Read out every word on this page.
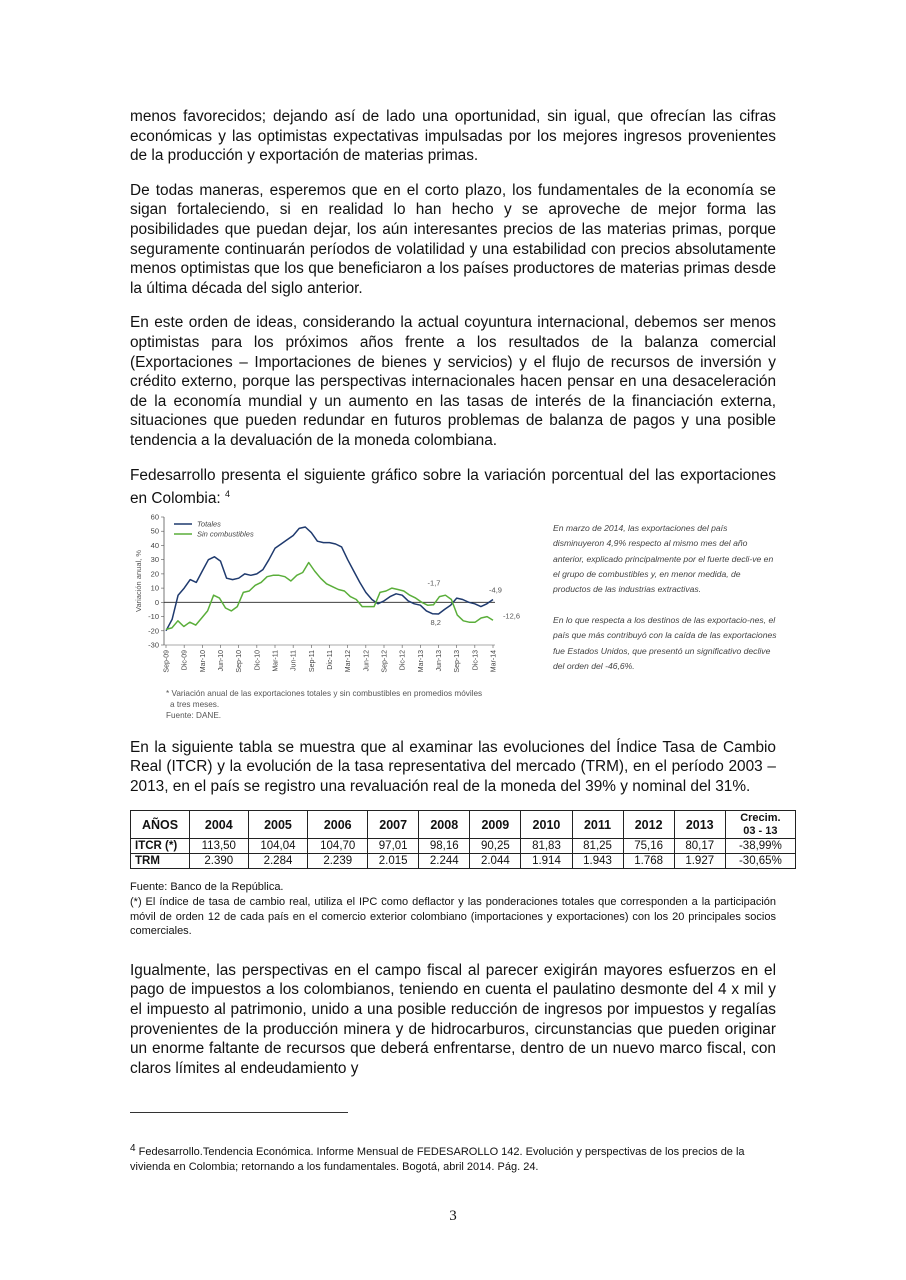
menos favorecidos; dejando así de lado una oportunidad, sin igual, que ofrecían las cifras económicas y las optimistas expectativas impulsadas por los mejores ingresos provenientes de la producción y exportación de materias primas.

De todas maneras, esperemos que en el corto plazo, los fundamentales de la economía se sigan fortaleciendo, si en realidad lo han hecho y se aproveche de mejor forma las posibilidades que puedan dejar, los aún interesantes precios de las materias primas, porque seguramente continuarán períodos de volatilidad y una estabilidad con precios absolutamente menos optimistas que los que beneficiaron a los países productores de materias primas desde la última década del siglo anterior.

En este orden de ideas, considerando la actual coyuntura internacional, debemos ser menos optimistas para los próximos años frente a los resultados de la balanza comercial (Exportaciones – Importaciones de bienes y servicios) y el flujo de recursos de inversión y crédito externo, porque las perspectivas internacionales hacen pensar en una desaceleración de la economía mundial y un aumento en las tasas de interés de la financiación externa, situaciones que pueden redundar en futuros problemas de balanza de pagos y una posible tendencia a la devaluación de la moneda colombiana.

Fedesarrollo presenta el siguiente gráfico sobre la variación porcentual del las exportaciones en Colombia: $^4$

60
50
40
30
20
10
0
-10
-20
-30
Variación anual, %
Sep-09 Dic-09 Mar-10 Jun-10 Sep-10 Dic-10 Mar-11 Jun-11 Sep-11 Dic-11 Mar-12 Jun-12 Sep-12 Dic-12 Mar-13 Jun-13 Sep-13 Dic-13 Mar-14
Totales
Sin combustibles
-1,7
-4,9
8,2
-12,6

En marzo de 2014, las exportaciones del país disminuyeron 4,9% respecto al mismo mes del año anterior, explicado principalmente por el fuerte decli-ve en el grupo de combustibles y, en menor medida, de productos de las industrias extractivas.

En lo que respecta a los destinos de las exportacio-nes, el país que más contribuyó con la caída de las exportaciones fue Estados Unidos, que presentó un significativo declive del orden del -46,6%.

* Variación anual de las exportaciones totales y sin combustibles en promedios móviles
a tres meses.
Fuente: DANE.

En la siguiente tabla se muestra que al examinar las evoluciones del Índice Tasa de Cambio Real (ITCR) y la evolución de la tasa representativa del mercado (TRM), en el período 2003 – 2013, en el país se registro una revaluación real de la moneda del 39% y nominal del 31%.

AÑOS	2004	2005	2006	2007	2008	2009	2010	2011	2012	2013	Crecim.
03 - 13
ITCR (*)	113,50	104,04	104,70	97,01	98,16	90,25	81,83	81,25	75,16	80,17	-38,99%
TRM	2.390	2.284	2.239	2.015	2.244	2.044	1.914	1.943	1.768	1.927	-30,65%

Fuente: Banco de la República.

(*) El índice de tasa de cambio real, utiliza el IPC como deflactor y las ponderaciones totales que corresponden a la participación móvil de orden 12 de cada país en el comercio exterior colombiano (importaciones y exportaciones) con los 20 principales socios comerciales.

Igualmente, las perspectivas en el campo fiscal al parecer exigirán mayores esfuerzos en el pago de impuestos a los colombianos, teniendo en cuenta el paulatino desmonte del 4 x mil y el impuesto al patrimonio, unido a una posible reducción de ingresos por impuestos y regalías provenientes de la producción minera y de hidrocarburos, circunstancias que pueden originar un enorme faltante de recursos que deberá enfrentarse, dentro de un nuevo marco fiscal, con claros límites al endeudamiento y

$^4$ Fedesarrollo.Tendencia Económica. Informe Mensual de FEDESAROLLO 142. Evolución y perspectivas de los precios de la vivienda en Colombia; retornando a los fundamentales. Bogotá, abril 2014. Pág. 24.
3
